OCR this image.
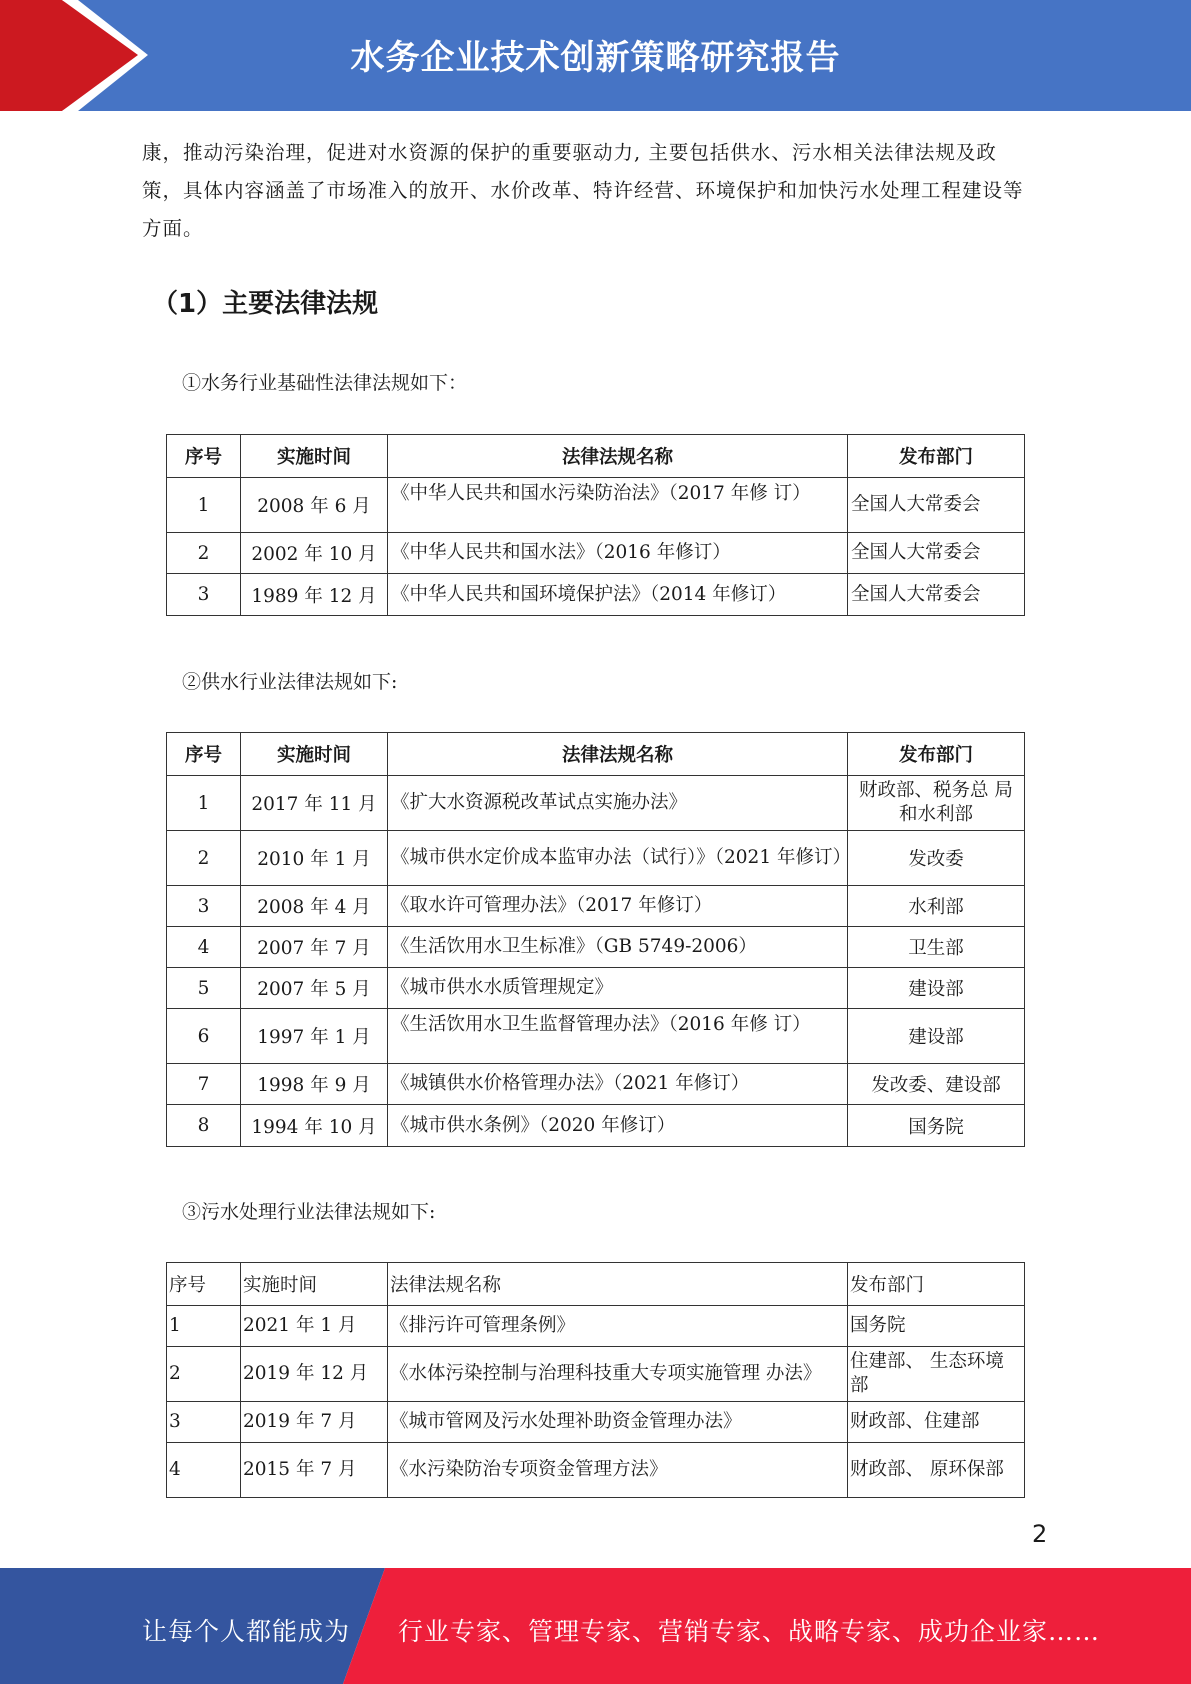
水务企业技术创新策略研究报告

康，推动污染治理，促进对水资源的保护的重要驱动力, 主要包括供水、污水相关法律法规及政

策，具体内容涵盖了市场准入的放开、水价改革、特许经营、环境保护和加快污水处理工程建设等

方面。

（1）主要法律法规
①水务行业基础性法律法规如下：
序号	实施时间	法律法规名称	发布部门
1	2008 年 6 月	《中华人民共和国水污染防治法》（2017 年修 订）	全国人大常委会
2	2002 年 10 月	《中华人民共和国水法》（2016 年修订）	全国人大常委会
3	1989 年 12 月	《中华人民共和国环境保护法》（2014 年修订）	全国人大常委会
②供水行业法律法规如下:
序号	实施时间	法律法规名称	发布部门
1	2017 年 11 月	《扩大水资源税改革试点实施办法》	财政部、税务总 局和水利部
2	2010 年 1 月	《城市供水定价成本监审办法（试行）》（2021 年修订）	发改委
3	2008 年 4 月	《取水许可管理办法》（2017 年修订）	水利部
4	2007 年 7 月	《生活饮用水卫生标准》（GB 5749-2006）	卫生部
5	2007 年 5 月	《城市供水水质管理规定》	建设部
6	1997 年 1 月	《生活饮用水卫生监督管理办法》（2016 年修 订）	建设部
7	1998 年 9 月	《城镇供水价格管理办法》（2021 年修订）	发改委、建设部
8	1994 年 10 月	《城市供水条例》（2020 年修订）	国务院
③污水处理行业法律法规如下:
序号	实施时间	法律法规名称	发布部门
1	2021 年 1 月	《排污许可管理条例》	国务院
2	2019 年 12 月	《水体污染控制与治理科技重大专项实施管理 办法》	住建部、 生态环境部
3	2019 年 7 月	《城市管网及污水处理补助资金管理办法》	财政部、住建部
4	2015 年 7 月	《水污染防治专项资金管理方法》	财政部、 原环保部
2
让每个人都能成为 行业专家、管理专家、营销专家、战略专家、成功企业家……
